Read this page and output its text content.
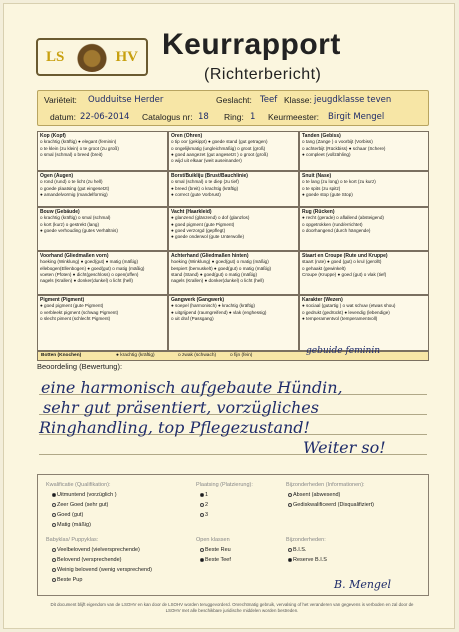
LS	HV Keurrapport
(Richterbericht)
Variëteit: Oudduitse Herder	Geslacht: Teef Klasse: jeugdklasse teven
datum: 22-06-2014 Catalogus nr: 18 Ring: 1 Keurmeester: Birgit Mengel
Kop (Kopf)
o krachtig (kräftig) ● elegant (feminin)
o te klein (zu klein) o te groot (zu groß)
o smal (schmal) o breed (breit)
Oren (Ohren)
o tip oor (gekippt) ● goede stand (gut getragen)
o ongelijkmatig (ungleichmäßig) o groot (groß)
● goed aangezet (gut angesetzt ) o groot (groß)
o wijd uit elkaar (weit auseinander)
Tanden (Gebiss)
o tang (Zange ) o voorbijt (Vorbiss)
o achterbijt (Rückbiss) ● schaar (Schere)
● compleet (vollzähling)
Ogen (Augen)
o rond (rund) o te licht (zu hell)
o goede plaatsing (gut eingesetzt)
● amandelvormig (mandelformig)
Borst/Buikliju (Brust/Bauchlinie)
o smal (schmal) o te diep (zu tief)
● breed (breit) o krachtig (kräftig)
● correct (gute Vorbrust)
Snuit (Nase)
o te lang (zu long) o te kort (zu kurz)
o te spits (zu spitz)
● goede stop (gute Stop)
Bouw (Gebäude)
o krachtig (kräftig) o smal (schmal)
o kort (kurz) o gestrekt (lang)
● goede verhouding (gutes Verhältnis)
Vacht (Haarkleid)
● glanzend (glänzend) o dof (glanzlos)
● goed pigment (gute Pigment)
● goed verzorgd (gepflegt)
● goede onderwol (gute Unterwolle)
Rug (Rücken)
● recht (gerade) o aflallend (absteigend)
o opgetrokken (rund/errichtet)
o doorhangend (durch hängende)
Voorhand (Gliedmaßen vorn)
hoeking (Winklung) ● goed(gut) ● matig (mäßig)
ellebogen(Ellenbogen) ● goed(gut) o matig (mäßig)
voeten (Pfoten) ● dicht(geschloss) o open(offen)
nagels (Krallen) ● donker(dunkel) o licht (hell)
Achterhand (Gliedmaßen hinten)
hoeking (Winklung) ● goed(gut) o matig (mäßig)
bespiert (bemuskelt) ● goed(gut) o matig (mäßig)
stand (Stand) ● goed(gut) o matig (mäßig)
nagels (Krallen) ● donker(dunkel) o licht (hell)
Staart en Croupe (Rute und Kruppe)
staart (rute) ● goed (gut) o krul (gerollt)
o gehaakt (gewinkelt)
Croupe (Kruppe) ● goed (gut) o vlak (tief)
Pigment (Pigment)
● goed pigment (gute Pigment)
o verbleekt pigment (schwag Pigment)
o slecht piment (schlecht Pigment)
Gangwerk (Gangwerk)
● soepel (harmonisch) ● krachtig (kräftig)
● uitgrijpend (raumgreifend) ● vlak (enghessig)
o uit draf (Passgang)
Karakter (Wezen)
● sociaal (gutartig ) o wat schuw (etwas shou)
o gedrukt (gedrückt) ● levendig (lebendige)
● temperamentvol (temperamentvoll)
Botten (Knochen)	● krachtig (kräftig)	o zwak (schwach)	o fijn (fein)	gebuide feminin
Beoordeling (Bewertung):
eine harmonisch aufgebaute Hündin,
sehr gut präsentiert, vorzügliches
Ringhandling, top Pflegezustand!
Weiter so!
Kwalificatie (Qualifikation):
Uitmuntend (vorzüglich )
Zeer Goed (sehr gut)
Goed (gut)
Matig (mäßig)
Plaatsing (Platzierung):
1
2
3
Bijzonderheden (Informationen):
Absent (abwesend)
Gediskwalificeerd (Disqualifiziert)
Babyklas/ Puppyklas:
Veelbelovend (vielversprechende)
Belovend (versprechende)
Weinig belovend (wenig versprechend)
Beste Pup
Open klassen
Beste Reu
Beste Teef
Bijzonderheden:
B.I.S.
Reserve B.I.S
B. Mengel
Dit document blijft eigendom van de LSOHV en kan door de LSOHV worden teruggevorderd. Onrechtmatig gebruik, vervalsing of het veranderen van gegevens is verboden en zal door de LSOHV met alle beschikbare juridische middelen worden bestreden.
